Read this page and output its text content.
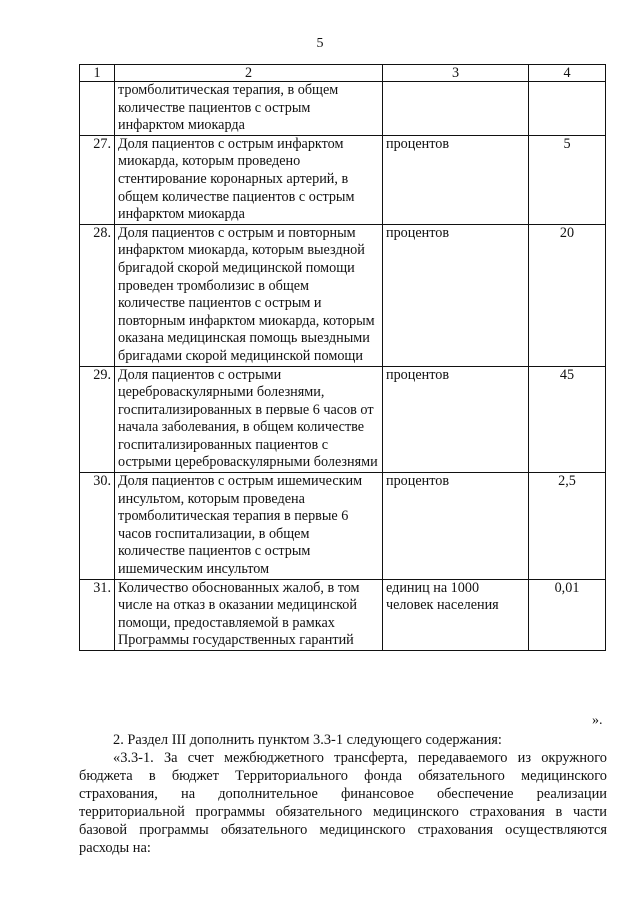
5
1	2	3	4
	тромболитическая терапия, в общем количестве пациентов с острым инфарктом миокарда		
27.	Доля пациентов с острым инфарктом миокарда, которым проведено стентирование коронарных артерий, в общем количестве пациентов с острым инфарктом миокарда	процентов	5
28.	Доля пациентов с острым и повторным инфарктом миокарда, которым выездной бригадой скорой медицинской помощи проведен тромболизис в общем количестве пациентов с острым и повторным инфарктом миокарда, которым оказана медицинская помощь выездными бригадами скорой медицинской помощи	процентов	20
29.	Доля пациентов с острыми цереброваскулярными болезнями, госпитализированных в первые 6 часов от начала заболевания, в общем количестве госпитализированных пациентов с острыми цереброваскулярными болезнями	процентов	45
30.	Доля пациентов с острым ишемическим инсультом, которым проведена тромболитическая терапия в первые 6 часов госпитализации, в общем количестве пациентов с острым ишемическим инсультом	процентов	2,5
31.	Количество обоснованных жалоб, в том числе на отказ в оказании медицинской помощи, предоставляемой в рамках Программы государственных гарантий	единиц на 1000 человек населения	0,01
».
2. Раздел III дополнить пунктом 3.3-1 следующего содержания:
«3.3-1. За счет межбюджетного трансферта, передаваемого из окружного бюджета в бюджет Территориального фонда обязательного медицинского страхования, на дополнительное финансовое обеспечение реализации территориальной программы обязательного медицинского страхования в части базовой программы обязательного медицинского страхования осуществляются расходы на:
